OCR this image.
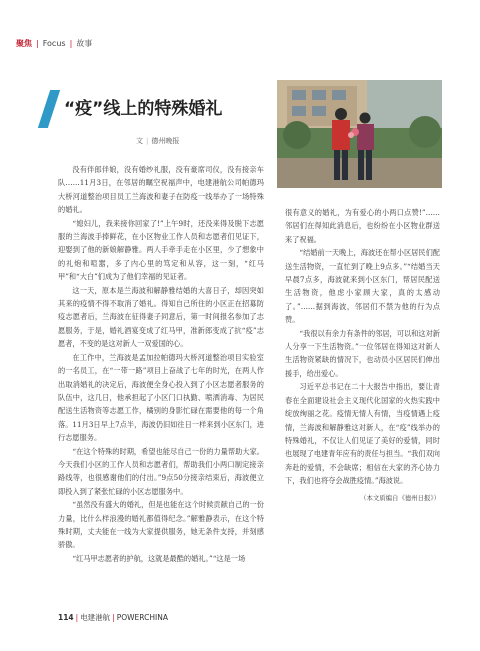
聚焦 | Focus | 故事
“疫”线上的特殊婚礼
文 | 德州晚报

没有伴郎伴娘，没有婚纱礼服，没有豪席司仪，没有接亲车队……11月3日，在邻居的瞩空祝福声中，电建港航公司帕德玛大桥河道整治项目员工兰海波和妻子在防疫一线举办了一场特殊的婚礼。

“媳妇儿，我来接你回家了!”上午9时，还没来得及脱下志愿服的兰海波手捧鲜花，在小区物业工作人员和志愿者们见证下，迎娶到了他的新娘解静雅。两人手牵手走在小区里，少了想象中的礼炮和喧嚣，多了内心里的笃定和从容，这一刻，“红马甲”和“大白”们成为了他们幸福的见证者。

这一天，原本是兰海波和解静雅结婚的大喜日子，却因突如其来的疫情不得不取消了婚礼。得知自己所住的小区正在招募防疫志愿者后，兰海波在征得妻子同意后，第一时间报名参加了志愿服务，于是，婚礼酒宴变成了红马甲，准新郎变成了抗“疫”志愿者，不变的是这对新人一双爱国的心。

在工作中，兰海波是孟加拉帕德玛大桥河道整治项目实验室的一名员工，在“一带一路”项目上奋战了七年的时光，在两人作出取消婚礼的决定后，海波便全身心投入到了小区志愿者服务的队伍中，这几日，他承担起了小区门口执勤、喷洒消毒、为居民配送生活物资等志愿工作，橘别的身影忙碌在需要他的每一个角落。11月3日早上7点半，海波仍旧如往日一样来到小区东门，进行志愿服务。

“在这个特殊的时期，希望也能尽自己一份的力量帮助大家。今天我们小区的工作人员和志愿者们，帮助我们小两口制定接亲路线等，也很感谢他们的付出。”9点50分接亲结束后，海波便立即投入到了紧张忙碌的小区志愿服务中。

“虽然没有盛大的婚礼，但是也能在这个时候贡献自己的一份力量，比什么样浪漫的婚礼都值得纪念。”解雅静表示，在这个特殊时期，丈夫能在一线为大家提供服务，她无条件支持，并刻感骄傲。

“红马甲志愿者的护航，这就是最酷的婚礼。”“这是一场

很有意义的婚礼，为有爱心的小两口点赞!”……邻居们在得知此消息后，也纷纷在小区物业群送来了祝福。

“结婚前一天晚上，海波还在帮小区居民们配送生活物资，一直忙到了晚上9点多。”“结婚当天早晨7点多，海波就来到小区东门，帮居民配送生活物资，他虑小家顾大家，真的太感动了。”……据到海波，邻居们不禁为他的行为点赞。

“我很以有余力有条件的邻居，可以和这对新人分享一下生活物资。”一位邻居在得知这对新人生活物资紧缺的情况下，也动员小区居民们伸出援手，给出爱心。

习近平总书记在二十大报告中指出，要让青春在全面建设社会主义现代化国家的火热实践中绽放绚丽之花。疫情无情人有情，当疫情遇上疫情，兰海波和解静雅这对新人，在“疫”线举办的特殊婚礼，不仅让人们见证了美好的爱情，同时也展现了电建青年应有的责任与担当。“我们双向奔赴的爱情，不会缺席；相信在大家的齐心协力下，我们也将夺会战胜疫情。”海波说。

（本文质编自《德州日报》）

114 | 电建港航 | POWERCHINA
